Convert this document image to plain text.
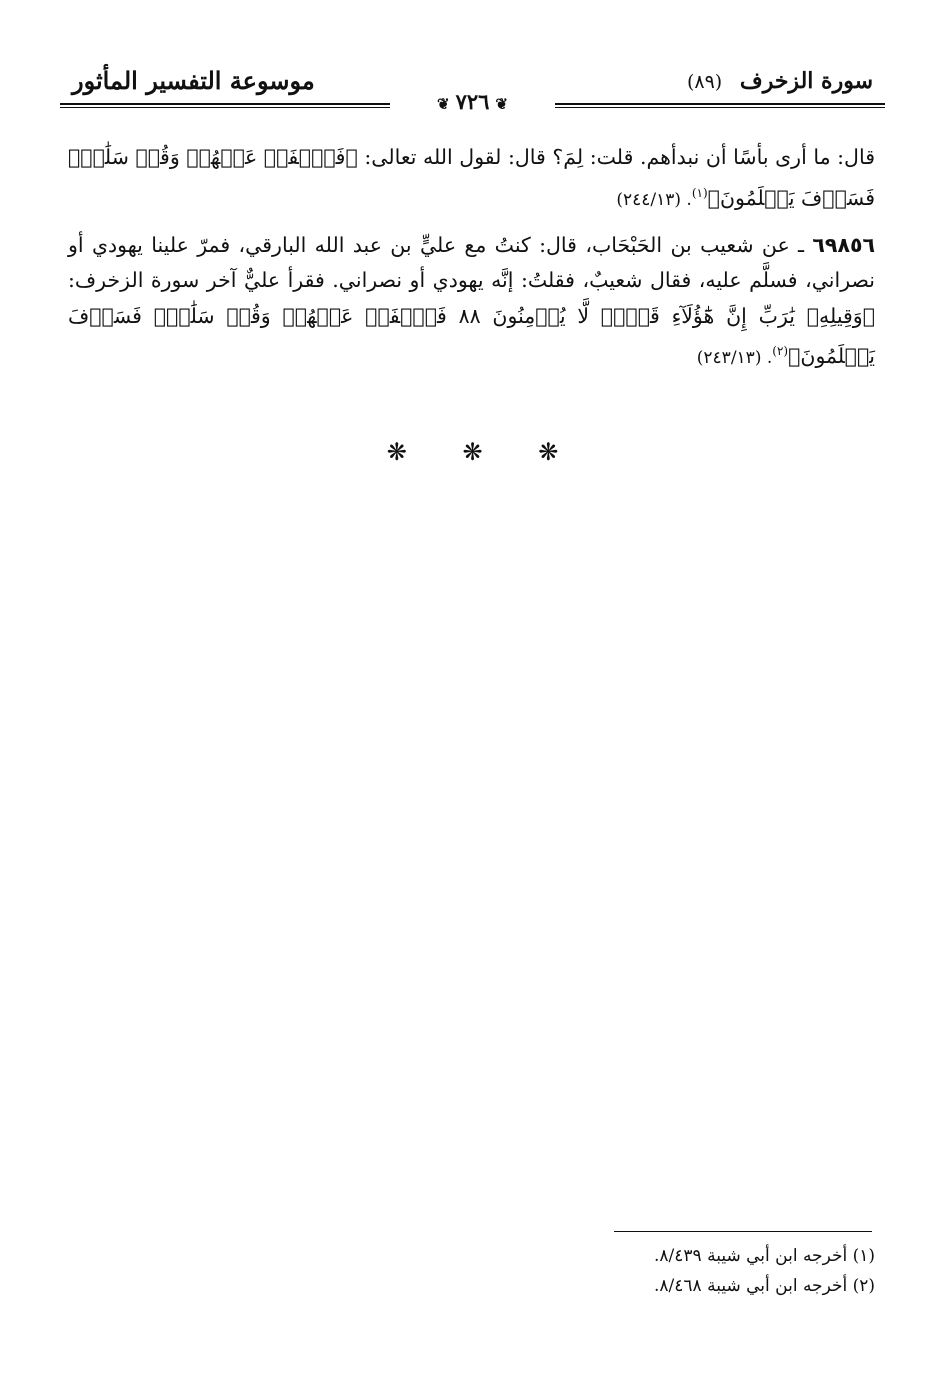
سورة الزخرف (٨٩)
❦٧٢٦❦
موسوعة التفسير المأثور

قال: ما أرى بأسًا أن نبدأهم. قلت: لِمَ؟ قال: لقول الله تعالى: ﴿فَٱصۡفَحۡ عَنۡهُمۡ وَقُلۡ سَلَٰمٞۚ فَسَوۡفَ يَعۡلَمُونَ﴾$^{(١)}$. (٢٤٤/١٣)

٦٩٨٥٦ ـ عن شعيب بن الحَبْحَاب، قال: كنتُ مع عليٍّ بن عبد الله البارقي، فمرّ علينا يهودي أو نصراني، فسلَّم عليه، فقال شعيبٌ، فقلتُ: إنَّه يهودي أو نصراني. فقرأ عليٌّ آخر سورة الزخرف: ﴿وَقِيلِهِۦ يَٰرَبِّ إِنَّ هَٰٓؤُلَآءِ قَوۡمٞ لَّا يُؤۡمِنُونَ ٨٨ فَٱصۡفَحۡ عَنۡهُمۡ وَقُلۡ سَلَٰمٞۚ فَسَوۡفَ يَعۡلَمُونَ﴾$^{(٢)}$. (٢٤٣/١٣)

❋ ❋ ❋
(١) أخرجه ابن أبي شيبة ٨/٤٣٩.
(٢) أخرجه ابن أبي شيبة ٨/٤٦٨.
